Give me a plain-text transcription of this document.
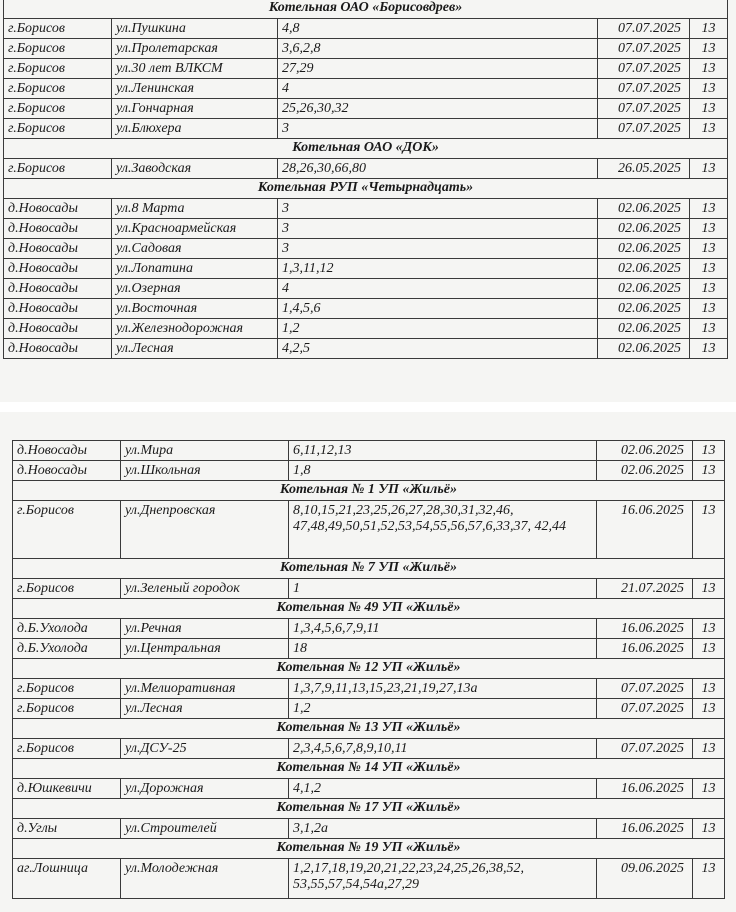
Котельная ОАО «Борисовдрев»				
г.Борисов	ул.Пушкина	4,8	07.07.2025	13
г.Борисов	ул.Пролетарская	3,6,2,8	07.07.2025	13
г.Борисов	ул.30 лет ВЛКСМ	27,29	07.07.2025	13
г.Борисов	ул.Ленинская	4	07.07.2025	13
г.Борисов	ул.Гончарная	25,26,30,32	07.07.2025	13
г.Борисов	ул.Блюхера	3	07.07.2025	13
Котельная ОАО «ДОК»				
г.Борисов	ул.Заводская	28,26,30,66,80	26.05.2025	13
Котельная РУП «Четырнадцать»				
д.Новосады	ул.8 Марта	3	02.06.2025	13
д.Новосады	ул.Красноармейская	3	02.06.2025	13
д.Новосады	ул.Садовая	3	02.06.2025	13
д.Новосады	ул.Лопатина	1,3,11,12	02.06.2025	13
д.Новосады	ул.Озерная	4	02.06.2025	13
д.Новосады	ул.Восточная	1,4,5,6	02.06.2025	13
д.Новосады	ул.Железнодорожная	1,2	02.06.2025	13
д.Новосады	ул.Лесная	4,2,5	02.06.2025	13
д.Новосады	ул.Мира	6,11,12,13	02.06.2025	13
д.Новосады	ул.Школьная	1,8	02.06.2025	13
Котельная № 1 УП «Жильё»				
г.Борисов	ул.Днепровская	8,10,15,21,23,25,26,27,28,30,31,32,46, 47,48,49,50,51,52,53,54,55,56,57,6,33,37, 42,44	16.06.2025	13
Котельная № 7 УП «Жильё»				
г.Борисов	ул.Зеленый городок	1	21.07.2025	13
Котельная № 49 УП «Жильё»				
д.Б.Ухолода	ул.Речная	1,3,4,5,6,7,9,11	16.06.2025	13
д.Б.Ухолода	ул.Центральная	18	16.06.2025	13
Котельная № 12 УП «Жильё»				
г.Борисов	ул.Мелиоративная	1,3,7,9,11,13,15,23,21,19,27,13а	07.07.2025	13
г.Борисов	ул.Лесная	1,2	07.07.2025	13
Котельная № 13 УП «Жильё»				
г.Борисов	ул.ДСУ-25	2,3,4,5,6,7,8,9,10,11	07.07.2025	13
Котельная № 14 УП «Жильё»				
д.Юшкевичи	ул.Дорожная	4,1,2	16.06.2025	13
Котельная № 17 УП «Жильё»				
д.Углы	ул.Строителей	3,1,2а	16.06.2025	13
Котельная № 19 УП «Жильё»				
аг.Лошница	ул.Молодежная	1,2,17,18,19,20,21,22,23,24,25,26,38,52, 53,55,57,54,54а,27,29	09.06.2025	13
